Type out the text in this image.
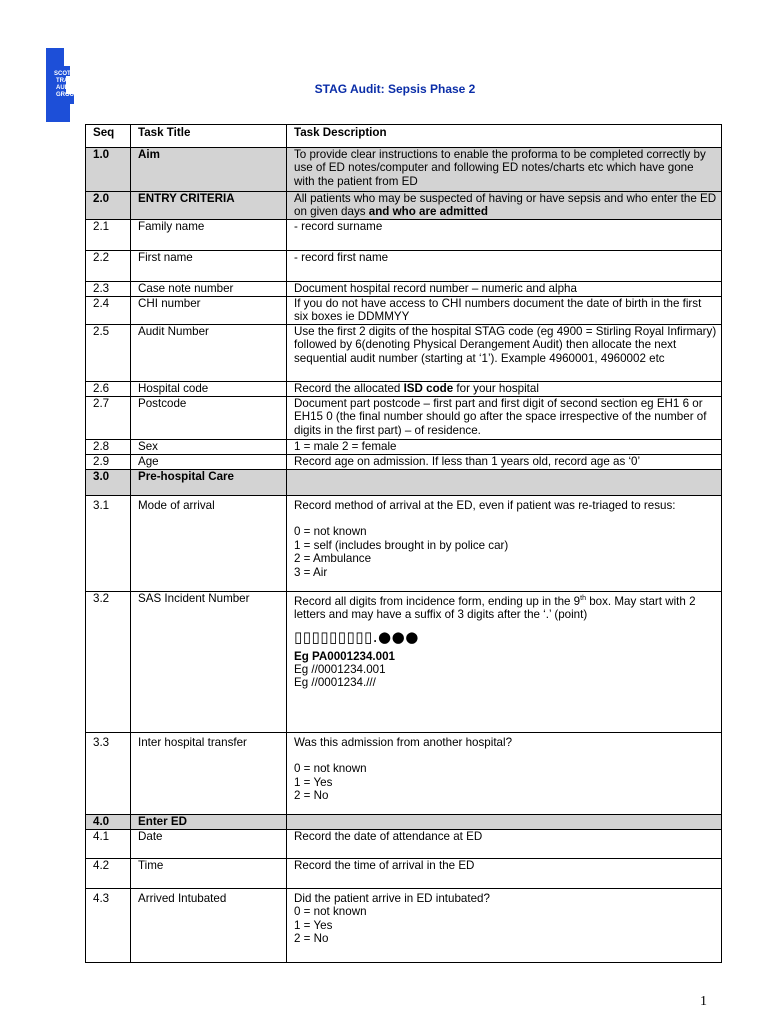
SCOTTISH
TRAUMA
AUDIT
GROUP	STAG Audit: Sepsis Phase 2
Seq	Task Title	Task Description
1.0	Aim	To provide clear instructions to enable the proforma to be completed correctly by use of ED notes/computer and following ED notes/charts etc which have gone with the patient from ED
2.0	ENTRY CRITERIA	All patients who may be suspected of having or have sepsis and who enter the ED on given days and who are admitted
2.1	Family name	- record surname
2.2	First name	- record first name
2.3	Case note number	Document hospital record number – numeric and alpha
2.4	CHI number	If you do not have access to CHI numbers document the date of birth in the first six boxes ie DDMMYY
2.5	Audit Number	Use the first 2 digits of the hospital STAG code (eg 4900 = Stirling Royal Infirmary) followed by 6(denoting Physical Derangement Audit) then allocate the next sequential audit number (starting at ‘1’). Example 4960001, 4960002 etc
2.6	Hospital code	Record the allocated ISD code for your hospital
2.7	Postcode	Document part postcode – first part and first digit of second section eg EH1 6 or EH15 0 (the final number should go after the space irrespective of the number of digits in the first part) – of residence.
2.8	Sex	1 = male 2 = female
2.9	Age	Record age on admission. If less than 1 years old, record age as ‘0’
3.0	Pre-hospital Care	
3.1	Mode of arrival	Record method of arrival at the ED, even if patient was re-triaged to resus:
0 = not known
1 = self (includes brought in by police car)
2 = Ambulance
3 = Air

3.2	SAS Incident Number	Record all digits from incidence form, ending up in the 9th box. May start with 2 letters and may have a suffix of 3 digits after the ‘.’ (point)
▯▯▯▯▯▯▯▯▯.●●●
Eg PA0001234.001
Eg //0001234.001
Eg //0001234.///

3.3	Inter hospital transfer	Was this admission from another hospital?
0 = not known
1 = Yes
2 = No

4.0	Enter ED	
4.1	Date	Record the date of attendance at ED
4.2	Time	Record the time of arrival in the ED
4.3	Arrived Intubated	Did the patient arrive in ED intubated?
0 = not known
1 = Yes
2 = No
1
